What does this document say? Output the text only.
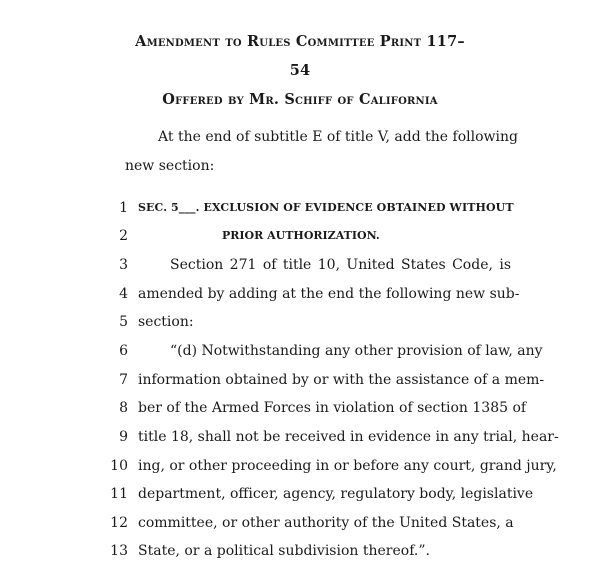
Amendment to Rules Committee Print 117–
54
Offered by Mr. Schiff of California
At the end of subtitle E of title V, add the following
new section:
1 SEC. 5___. EXCLUSION OF EVIDENCE OBTAINED WITHOUT
2	PRIOR AUTHORIZATION.
3	Section 271 of title 10, United States Code, is
4 amended by adding at the end the following new sub-
5 section:
6	“(d) Notwithstanding any other provision of law, any
7 information obtained by or with the assistance of a mem-
8 ber of the Armed Forces in violation of section 1385 of
9 title 18, shall not be received in evidence in any trial, hear-
10 ing, or other proceeding in or before any court, grand jury,
11 department, officer, agency, regulatory body, legislative
12 committee, or other authority of the United States, a
13 State, or a political subdivision thereof.”.
